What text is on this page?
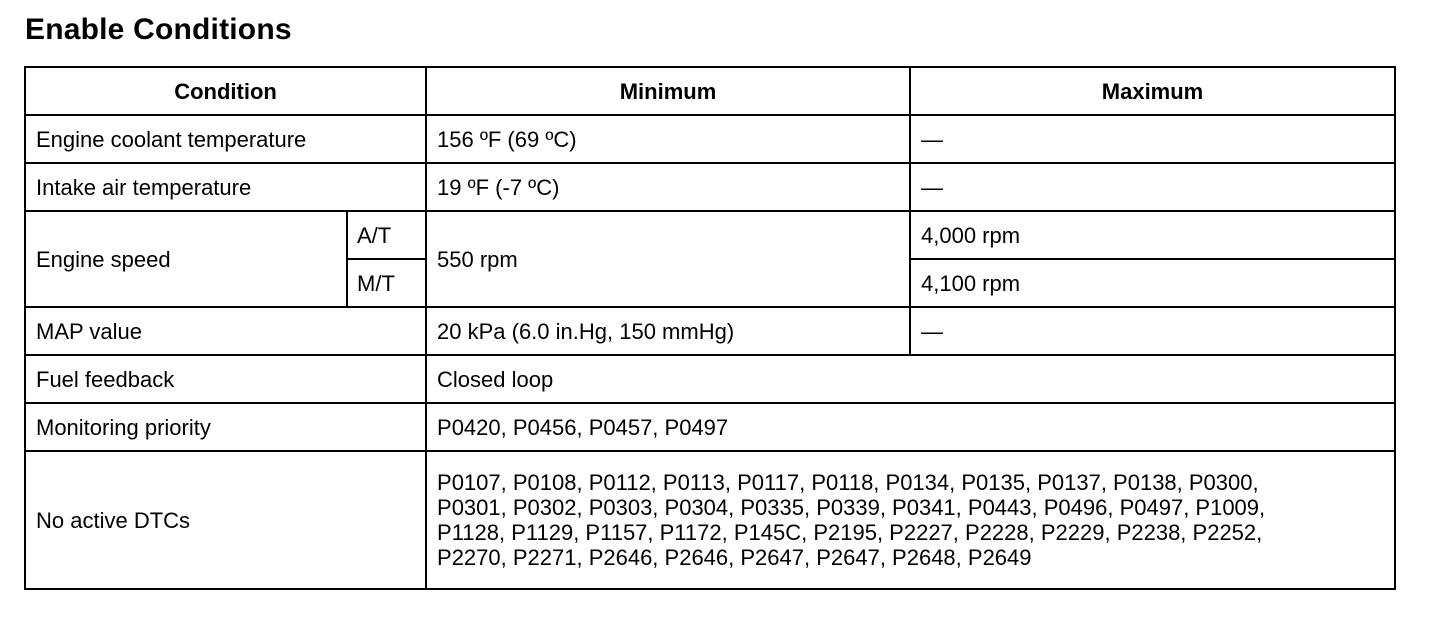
Enable Conditions
Condition		Minimum	Maximum
Engine coolant temperature		156 ºF (69 ºC)	—
Intake air temperature		19 ºF (-7 ºC)	—
Engine speed	A/T	550 rpm	4,000 rpm
	M/T		4,100 rpm
MAP value		20 kPa (6.0 in.Hg, 150 mmHg)	—
Fuel feedback		Closed loop	
Monitoring priority		P0420, P0456, P0457, P0497	
No active DTCs		P0107, P0108, P0112, P0113, P0117, P0118, P0134, P0135, P0137, P0138, P0300,
P0301, P0302, P0303, P0304, P0335, P0339, P0341, P0443, P0496, P0497, P1009,
P1128, P1129, P1157, P1172, P145C, P2195, P2227, P2228, P2229, P2238, P2252,
P2270, P2271, P2646, P2646, P2647, P2647, P2648, P2649	
